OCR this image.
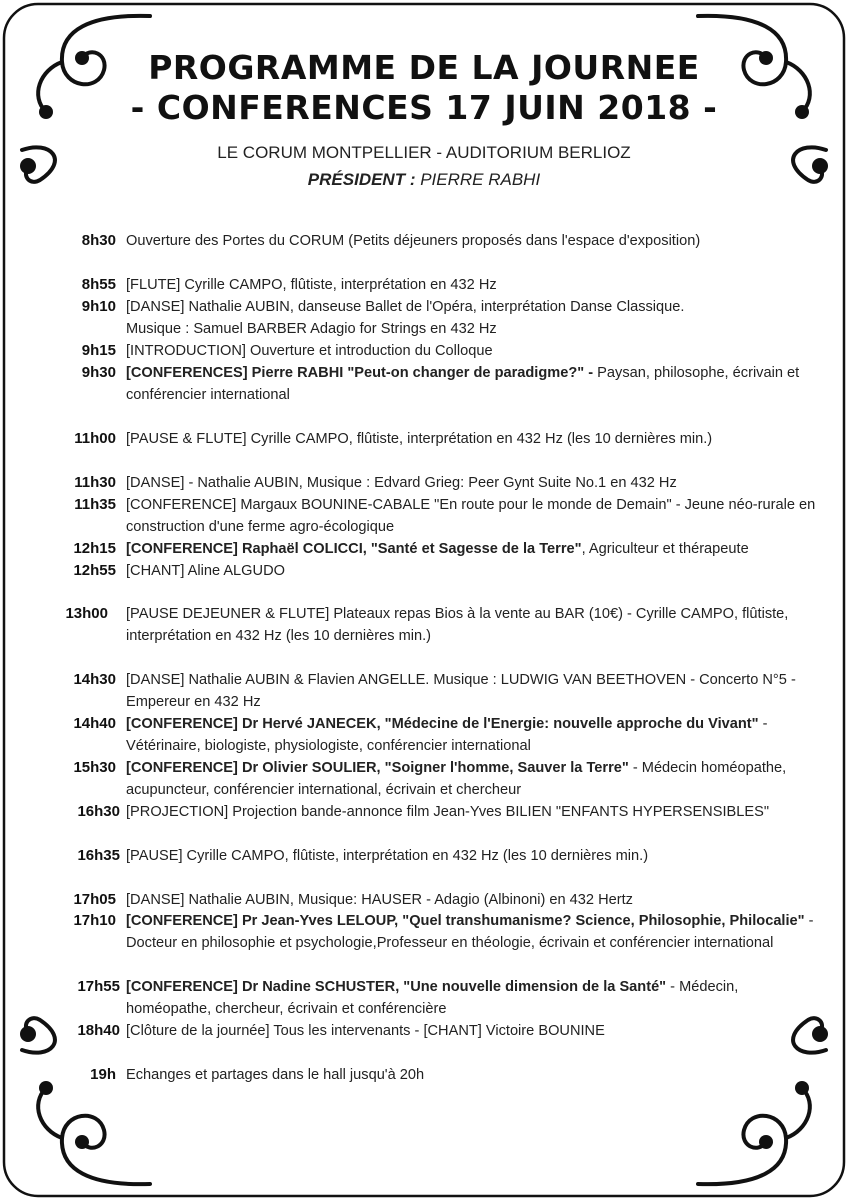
PROGRAMME DE LA JOURNEE
- CONFERENCES 17 JUIN 2018 -
LE CORUM MONTPELLIER - AUDITORIUM BERLIOZ
PRÉSIDENT : PIERRE RABHI
8h30 Ouverture des Portes du CORUM (Petits déjeuners proposés dans l'espace d'exposition)
8h55 [FLUTE] Cyrille CAMPO, flûtiste, interprétation en 432 Hz
9h10 [DANSE] Nathalie AUBIN, danseuse Ballet de l'Opéra, interprétation Danse Classique. Musique : Samuel BARBER Adagio for Strings en 432 Hz
9h15 [INTRODUCTION] Ouverture et introduction du Colloque
9h30 [CONFERENCES] Pierre RABHI "Peut-on changer de paradigme?" - Paysan, philosophe, écrivain et conférencier international
11h00 [PAUSE & FLUTE] Cyrille CAMPO, flûtiste, interprétation en 432 Hz (les 10 dernières min.)
11h30 [DANSE] - Nathalie AUBIN, Musique : Edvard Grieg: Peer Gynt Suite No.1 en 432 Hz
11h35 [CONFERENCE] Margaux BOUNINE-CABALE "En route pour le monde de Demain" - Jeune néo-rurale en construction d'une ferme agro-écologique
12h15 [CONFERENCE] Raphaël COLICCI, "Santé et Sagesse de la Terre", Agriculteur et thérapeute
12h55 [CHANT] Aline ALGUDO
13h00 [PAUSE DEJEUNER & FLUTE] Plateaux repas Bios à la vente au BAR (10€) - Cyrille CAMPO, flûtiste, interprétation en 432 Hz (les 10 dernières min.)
14h30 [DANSE] Nathalie AUBIN & Flavien ANGELLE. Musique : LUDWIG VAN BEETHOVEN - Concerto N°5 - Empereur en 432 Hz
14h40 [CONFERENCE] Dr Hervé JANECEK, "Médecine de l'Energie: nouvelle approche du Vivant" - Vétérinaire, biologiste, physiologiste, conférencier international
15h30 [CONFERENCE] Dr Olivier SOULIER, "Soigner l'homme, Sauver la Terre" - Médecin homéopathe, acupuncteur, conférencier international, écrivain et chercheur
16h30 [PROJECTION] Projection bande-annonce film Jean-Yves BILIEN "ENFANTS HYPERSENSIBLES"
16h35 [PAUSE] Cyrille CAMPO, flûtiste, interprétation en 432 Hz (les 10 dernières min.)
17h05 [DANSE] Nathalie AUBIN, Musique: HAUSER - Adagio (Albinoni) en 432 Hertz
17h10 [CONFERENCE] Pr Jean-Yves LELOUP, "Quel transhumanisme? Science, Philosophie, Philocalie" - Docteur en philosophie et psychologie,Professeur en théologie, écrivain et conférencier international
17h55 [CONFERENCE] Dr Nadine SCHUSTER, "Une nouvelle dimension de la Santé" - Médecin, homéopathe, chercheur, écrivain et conférencière
18h40 [Clôture de la journée] Tous les intervenants - [CHANT] Victoire BOUNINE
19h Echanges et partages dans le hall jusqu'à 20h
